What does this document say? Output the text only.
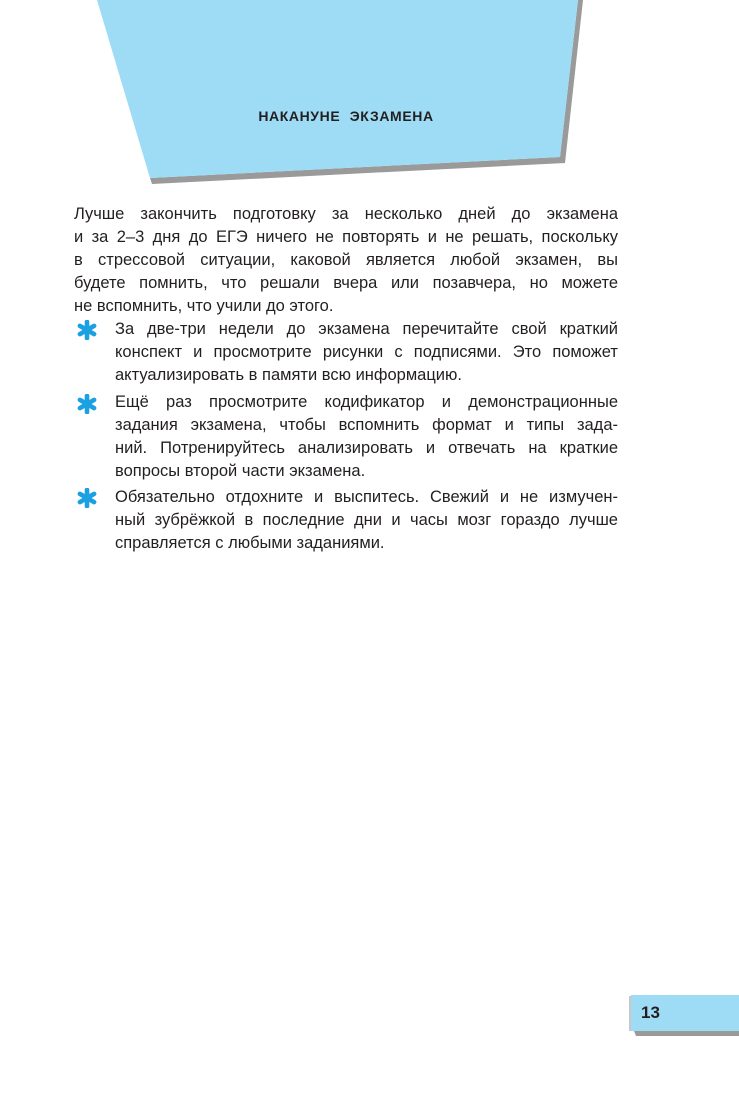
НАКАНУНЕ ЭКЗАМЕНА
Лучше закончить подготовку за несколько дней до экзамена
и за 2–3 дня до ЕГЭ ничего не повторять и не решать, поскольку
в стрессовой ситуации, каковой является любой экзамен, вы
будете помнить, что решали вчера или позавчера, но можете
не вспомнить, что учили до этого.
За две-три недели до экзамена перечитайте свой краткий
конспект и просмотрите рисунки с подписями. Это поможет
актуализировать в памяти всю информацию.
Ещё раз просмотрите кодификатор и демонстрационные
задания экзамена, чтобы вспомнить формат и типы зада-
ний. Потренируйтесь анализировать и отвечать на краткие
вопросы второй части экзамена.
Обязательно отдохните и выспитесь. Свежий и не измучен-
ный зубрёжкой в последние дни и часы мозг гораздо лучше
справляется с любыми заданиями.
13
